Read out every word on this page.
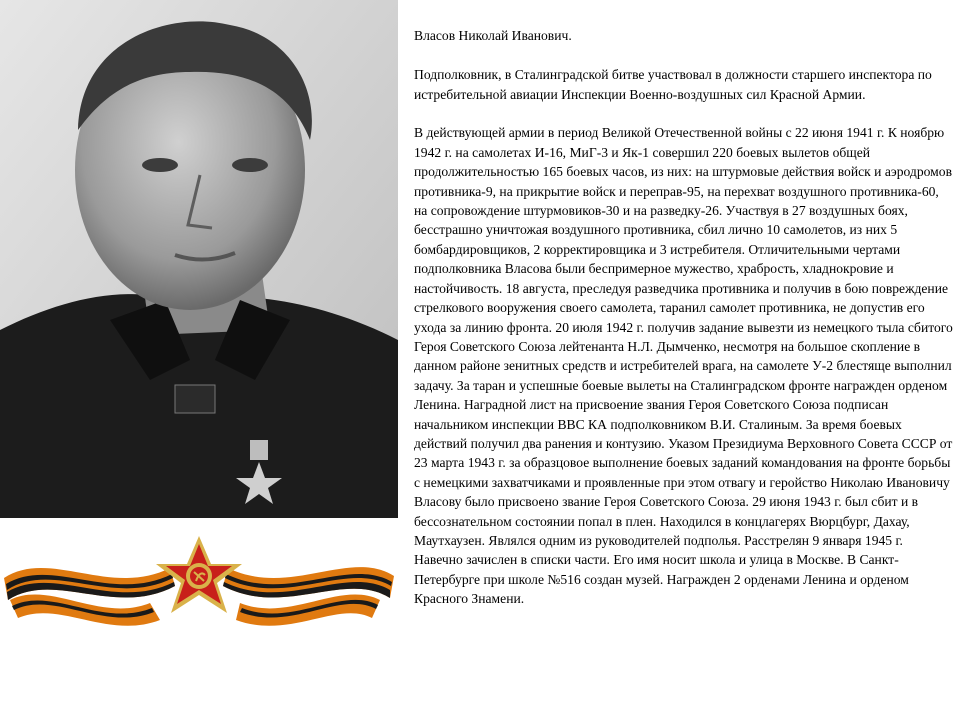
Власов Николай Иванович.

Подполковник, в Сталинградской битве участвовал в должности старшего инспектора по истребительной авиации Инспекции Военно-воздушных сил Красной Армии.

В действующей армии в период Великой Отечественной войны с 22 июня 1941 г. К ноябрю 1942 г. на самолетах И-16, МиГ-3 и Як-1 совершил 220 боевых вылетов общей продолжительностью 165 боевых часов, из них: на штурмовые действия войск и аэродромов противника-9, на прикрытие войск и переправ-95, на перехват воздушного противника-60, на сопровождение штурмовиков-30 и на разведку-26. Участвуя в 27 воздушных боях, бесстрашно уничтожая воздушного противника, сбил лично 10 самолетов, из них 5 бомбардировщиков, 2 корректировщика и 3 истребителя. Отличительными чертами подполковника Власова были беспримерное мужество, храбрость, хладнокровие и настойчивость. 18 августа, преследуя разведчика противника и получив в бою повреждение стрелкового вооружения своего самолета, таранил самолет противника, не допустив его ухода за линию фронта. 20 июля 1942 г. получив задание вывезти из немецкого тыла сбитого Героя Советского Союза лейтенанта Н.Л. Дымченко, несмотря на большое скопление в данном районе зенитных средств и истребителей врага, на самолете У-2 блестяще выполнил задачу. За таран и успешные боевые вылеты на Сталинградском фронте награжден орденом Ленина. Наградной лист на присвоение звания Героя Советского Союза подписан начальником инспекции ВВС КА подполковником В.И. Сталиным. За время боевых действий получил два ранения и контузию. Указом Президиума Верховного Совета СССР от 23 марта 1943 г. за образцовое выполнение боевых заданий командования на фронте борьбы с немецкими захватчиками и проявленные при этом отвагу и геройство Николаю Ивановичу Власову было присвоено звание Героя Советского Союза. 29 июня 1943 г. был сбит и в бессознательном состоянии попал в плен. Находился в концлагерях Вюрцбург, Дахау, Маутхаузен. Являлся одним из руководителей подполья. Расстрелян 9 января 1945 г. Навечно зачислен в списки части. Его имя носит школа и улица в Москве. В Санкт-Петербурге при школе №516 создан музей. Награжден 2 орденами Ленина и орденом Красного Знамени.
